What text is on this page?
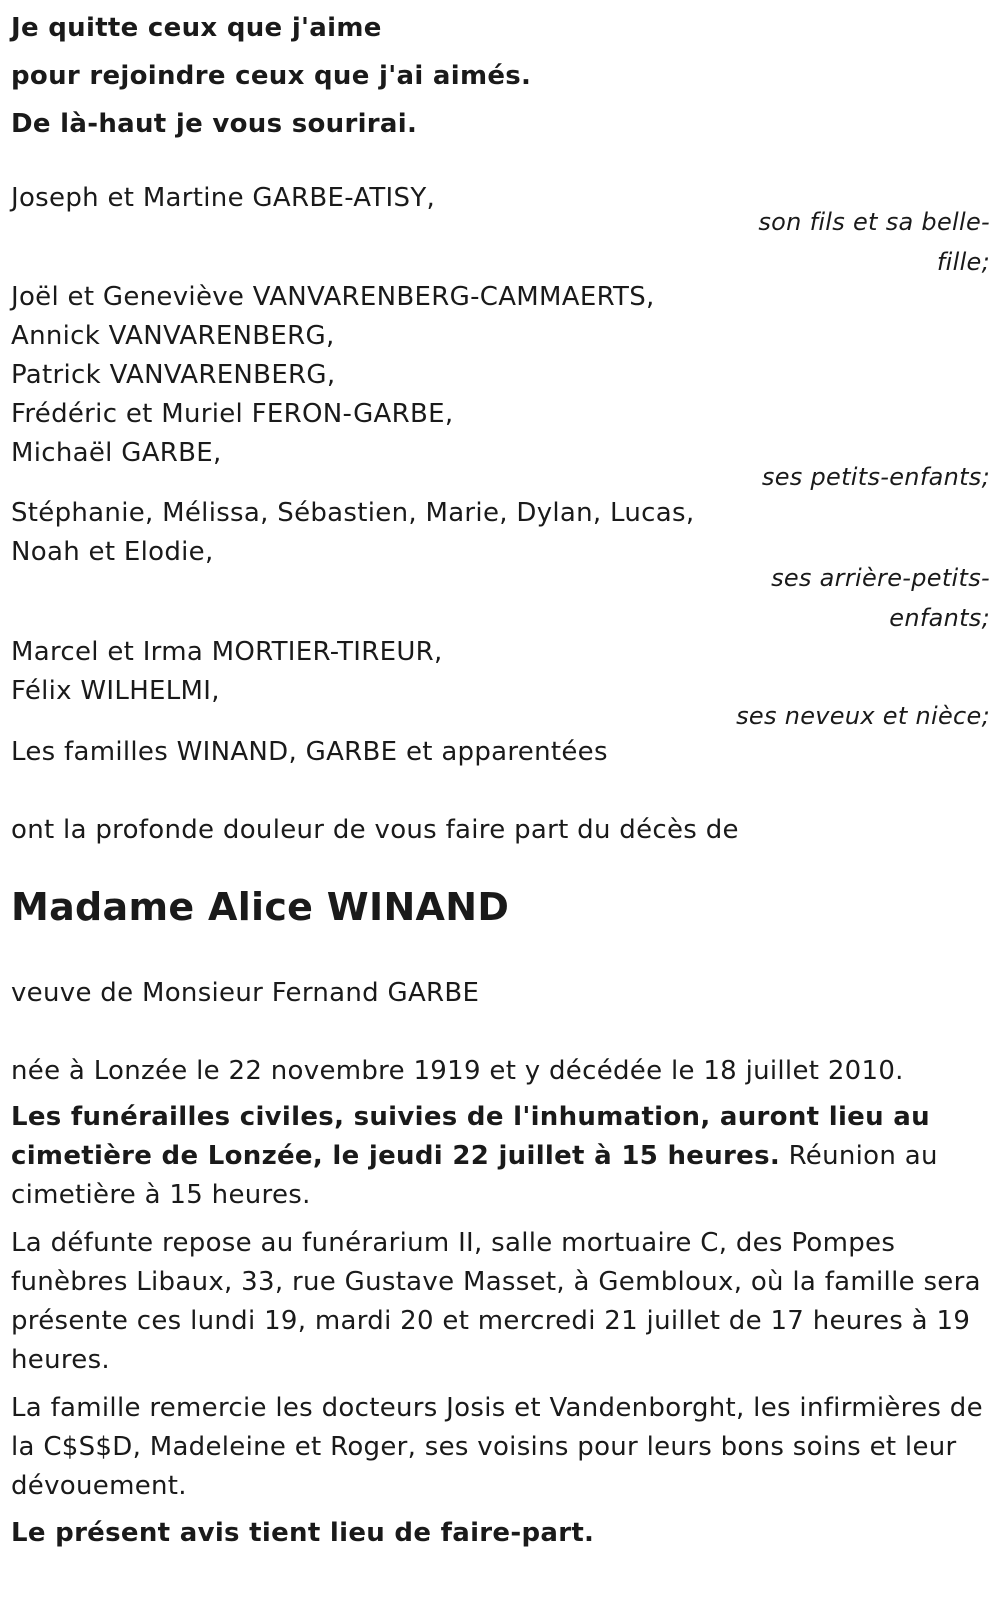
Je quitte ceux que j'aime
pour rejoindre ceux que j'ai aimés.
De là-haut je vous sourirai.
Joseph et Martine GARBE-ATISY,
son fils et sa belle-fille;
Joël et Geneviève VANVARENBERG-CAMMAERTS,
Annick VANVARENBERG,
Patrick VANVARENBERG,
Frédéric et Muriel FERON-GARBE,
Michaël GARBE,
ses petits-enfants;
Stéphanie, Mélissa, Sébastien, Marie, Dylan, Lucas,
Noah et Elodie,
ses arrière-petits-enfants;
Marcel et Irma MORTIER-TIREUR,
Félix WILHELMI,
ses neveux et nièce;
Les familles WINAND, GARBE et apparentées
ont la profonde douleur de vous faire part du décès de
Madame Alice WINAND
veuve de Monsieur Fernand GARBE
née à Lonzée le 22 novembre 1919 et y décédée le 18 juillet 2010.
Les funérailles civiles, suivies de l'inhumation, auront lieu au cimetière de Lonzée, le jeudi 22 juillet à 15 heures. Réunion au cimetière à 15 heures.
La défunte repose au funérarium II, salle mortuaire C, des Pompes funèbres Libaux, 33, rue Gustave Masset, à Gembloux, où la famille sera présente ces lundi 19, mardi 20 et mercredi 21 juillet de 17 heures à 19 heures.
La famille remercie les docteurs Josis et Vandenborght, les infirmières de la C$S$D, Madeleine et Roger, ses voisins pour leurs bons soins et leur dévouement.
Le présent avis tient lieu de faire-part.
